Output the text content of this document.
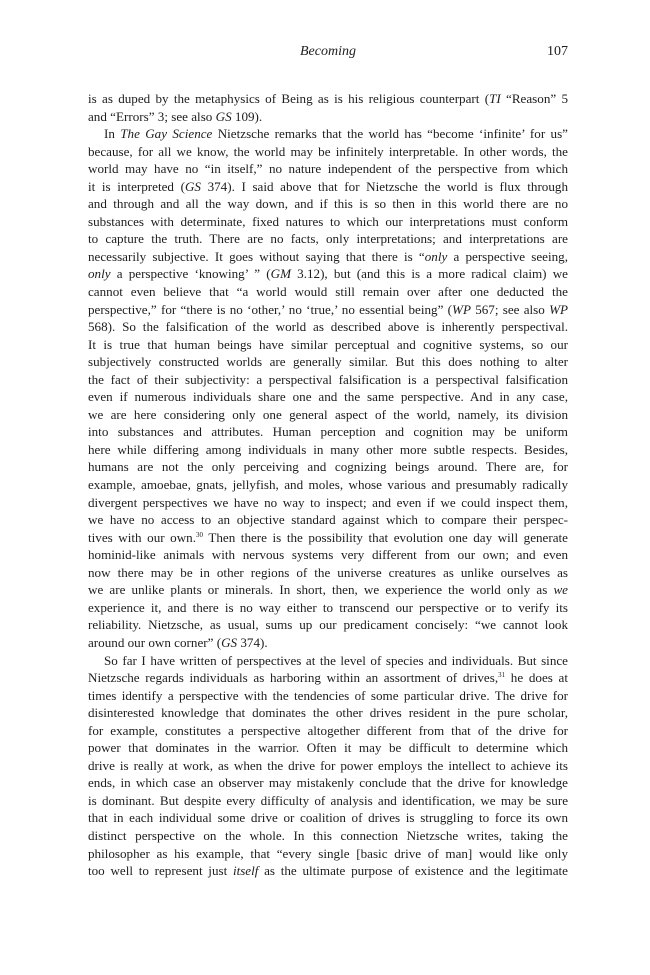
Becoming	107

is as duped by the metaphysics of Being as is his religious counterpart (TI “Reason” 5
and “Errors” 3; see also GS 109).

In The Gay Science Nietzsche remarks that the world has “become ‘infinite’ for us”
because, for all we know, the world may be infinitely interpretable. In other words, the
world may have no “in itself,” no nature independent of the perspective from which
it is interpreted (GS 374). I said above that for Nietzsche the world is flux through
and through and all the way down, and if this is so then in this world there are no
substances with determinate, fixed natures to which our interpretations must conform
to capture the truth. There are no facts, only interpretations; and interpretations are
necessarily subjective. It goes without saying that there is “only a perspective seeing,
only a perspective ‘knowing’ ” (GM 3.12), but (and this is a more radical claim) we
cannot even believe that “a world would still remain over after one deducted the
perspective,” for “there is no ‘other,’ no ‘true,’ no essential being” (WP 567; see also WP
568). So the falsification of the world as described above is inherently perspectival.
It is true that human beings have similar perceptual and cognitive systems, so our
subjectively constructed worlds are generally similar. But this does nothing to alter
the fact of their subjectivity: a perspectival falsification is a perspectival falsification
even if numerous individuals share one and the same perspective. And in any case,
we are here considering only one general aspect of the world, namely, its division
into substances and attributes. Human perception and cognition may be uniform
here while differing among individuals in many other more subtle respects. Besides,
humans are not the only perceiving and cognizing beings around. There are, for
example, amoebae, gnats, jellyfish, and moles, whose various and presumably radically
divergent perspectives we have no way to inspect; and even if we could inspect them,
we have no access to an objective standard against which to compare their perspec-
tives with our own.$^{30}$ Then there is the possibility that evolution one day will generate
hominid-like animals with nervous systems very different from our own; and even
now there may be in other regions of the universe creatures as unlike ourselves as
we are unlike plants or minerals. In short, then, we experience the world only as we
experience it, and there is no way either to transcend our perspective or to verify its
reliability. Nietzsche, as usual, sums up our predicament concisely: “we cannot look
around our own corner” (GS 374).

So far I have written of perspectives at the level of species and individuals. But since
Nietzsche regards individuals as harboring within an assortment of drives,$^{31}$ he does at
times identify a perspective with the tendencies of some particular drive. The drive for
disinterested knowledge that dominates the other drives resident in the pure scholar,
for example, constitutes a perspective altogether different from that of the drive for
power that dominates in the warrior. Often it may be difficult to determine which
drive is really at work, as when the drive for power employs the intellect to achieve its
ends, in which case an observer may mistakenly conclude that the drive for knowledge
is dominant. But despite every difficulty of analysis and identification, we may be sure
that in each individual some drive or coalition of drives is struggling to force its own
distinct perspective on the whole. In this connection Nietzsche writes, taking the
philosopher as his example, that “every single [basic drive of man] would like only
too well to represent just itself as the ultimate purpose of existence and the legitimate
